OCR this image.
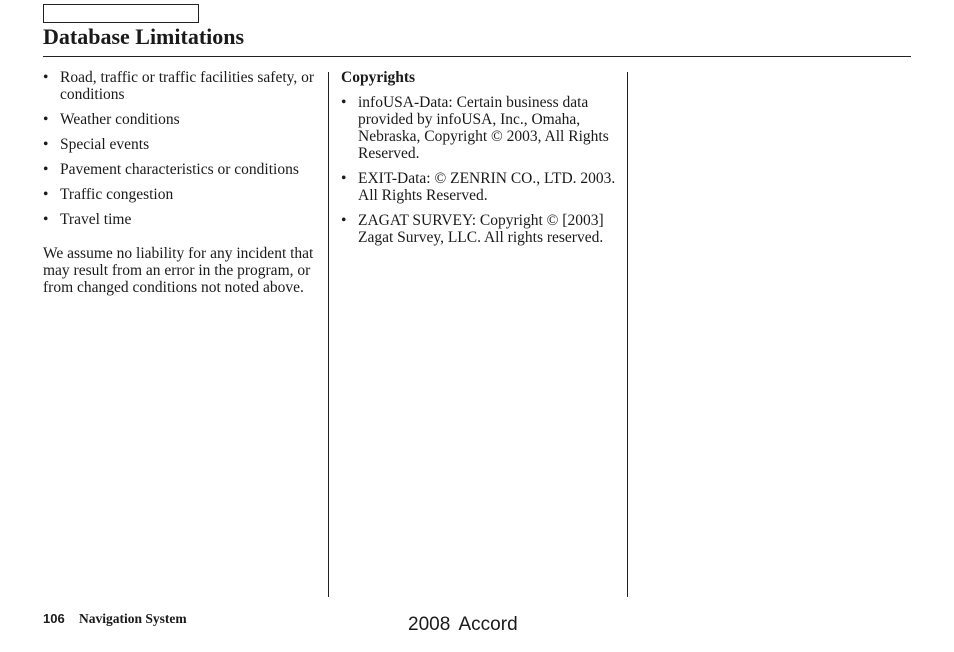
Database Limitations
• Road, traffic or traffic facilities safety, or conditions
• Weather conditions
• Special events
• Pavement characteristics or conditions
• Traffic congestion
• Travel time

We assume no liability for any incident that may result from an error in the program, or from changed conditions not noted above.

Copyrights

• infoUSA-Data: Certain business data provided by infoUSA, Inc., Omaha, Nebraska, Copyright © 2003, All Rights Reserved.
• EXIT-Data: © ZENRIN CO., LTD. 2003. All Rights Reserved.
• ZAGAT SURVEY: Copyright © [2003] Zagat Survey, LLC. All rights reserved.
106 Navigation System	2008 Accord
